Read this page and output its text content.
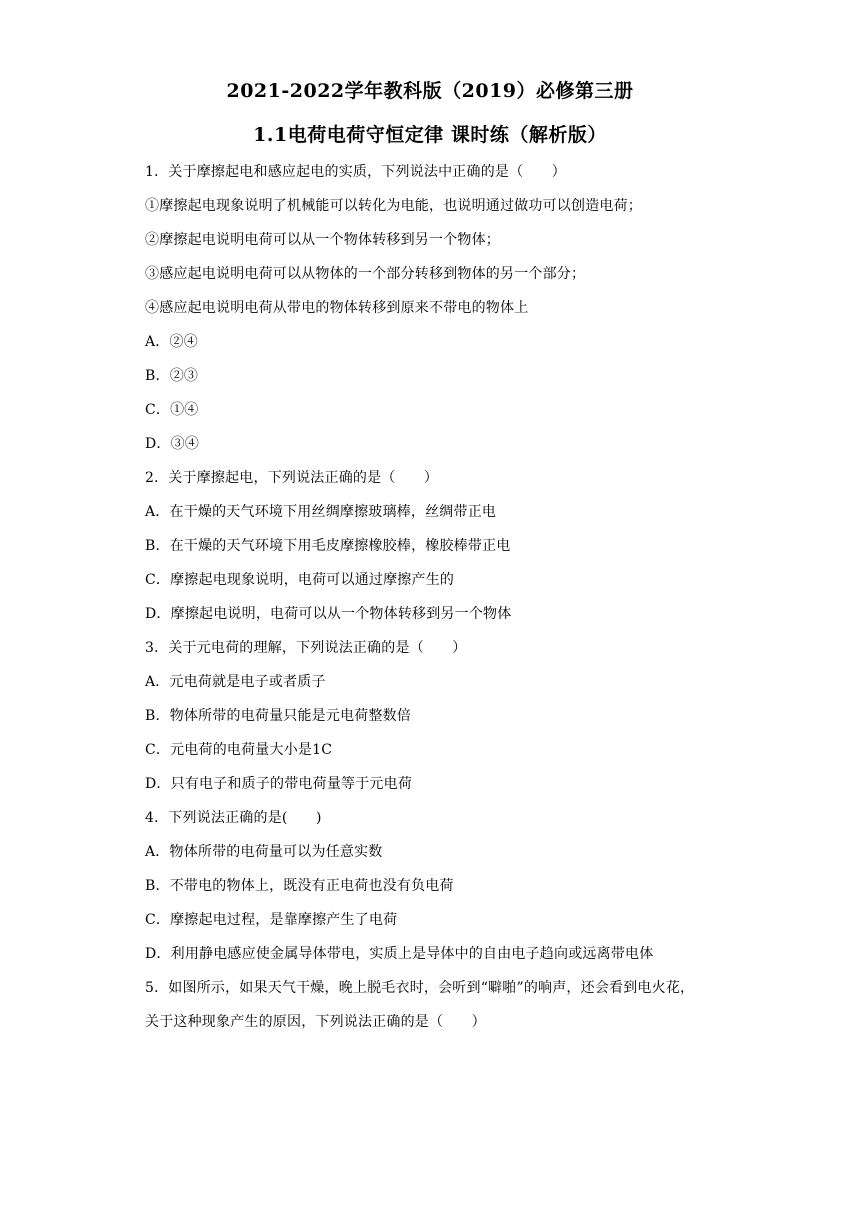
2021-2022学年教科版（2019）必修第三册
1.1电荷电荷守恒定律 课时练（解析版）
1．关于摩擦起电和感应起电的实质，下列说法中正确的是（　　）
①摩擦起电现象说明了机械能可以转化为电能，也说明通过做功可以创造电荷；
②摩擦起电说明电荷可以从一个物体转移到另一个物体；
③感应起电说明电荷可以从物体的一个部分转移到物体的另一个部分；
④感应起电说明电荷从带电的物体转移到原来不带电的物体上
A．②④
B．②③
C．①④
D．③④
2．关于摩擦起电，下列说法正确的是（　　）
A．在干燥的天气环境下用丝绸摩擦玻璃棒，丝绸带正电
B．在干燥的天气环境下用毛皮摩擦橡胶棒，橡胶棒带正电
C．摩擦起电现象说明，电荷可以通过摩擦产生的
D．摩擦起电说明，电荷可以从一个物体转移到另一个物体
3．关于元电荷的理解，下列说法正确的是（　　）
A．元电荷就是电子或者质子
B．物体所带的电荷量只能是元电荷整数倍
C．元电荷的电荷量大小是1C
D．只有电子和质子的带电荷量等于元电荷
4．下列说法正确的是(　　)
A．物体所带的电荷量可以为任意实数
B．不带电的物体上，既没有正电荷也没有负电荷
C．摩擦起电过程，是靠摩擦产生了电荷
D．利用静电感应使金属导体带电，实质上是导体中的自由电子趋向或远离带电体
5．如图所示，如果天气干燥，晚上脱毛衣时，会听到“噼啪”的响声，还会看到电火花，
关于这种现象产生的原因，下列说法正确的是（　　）
